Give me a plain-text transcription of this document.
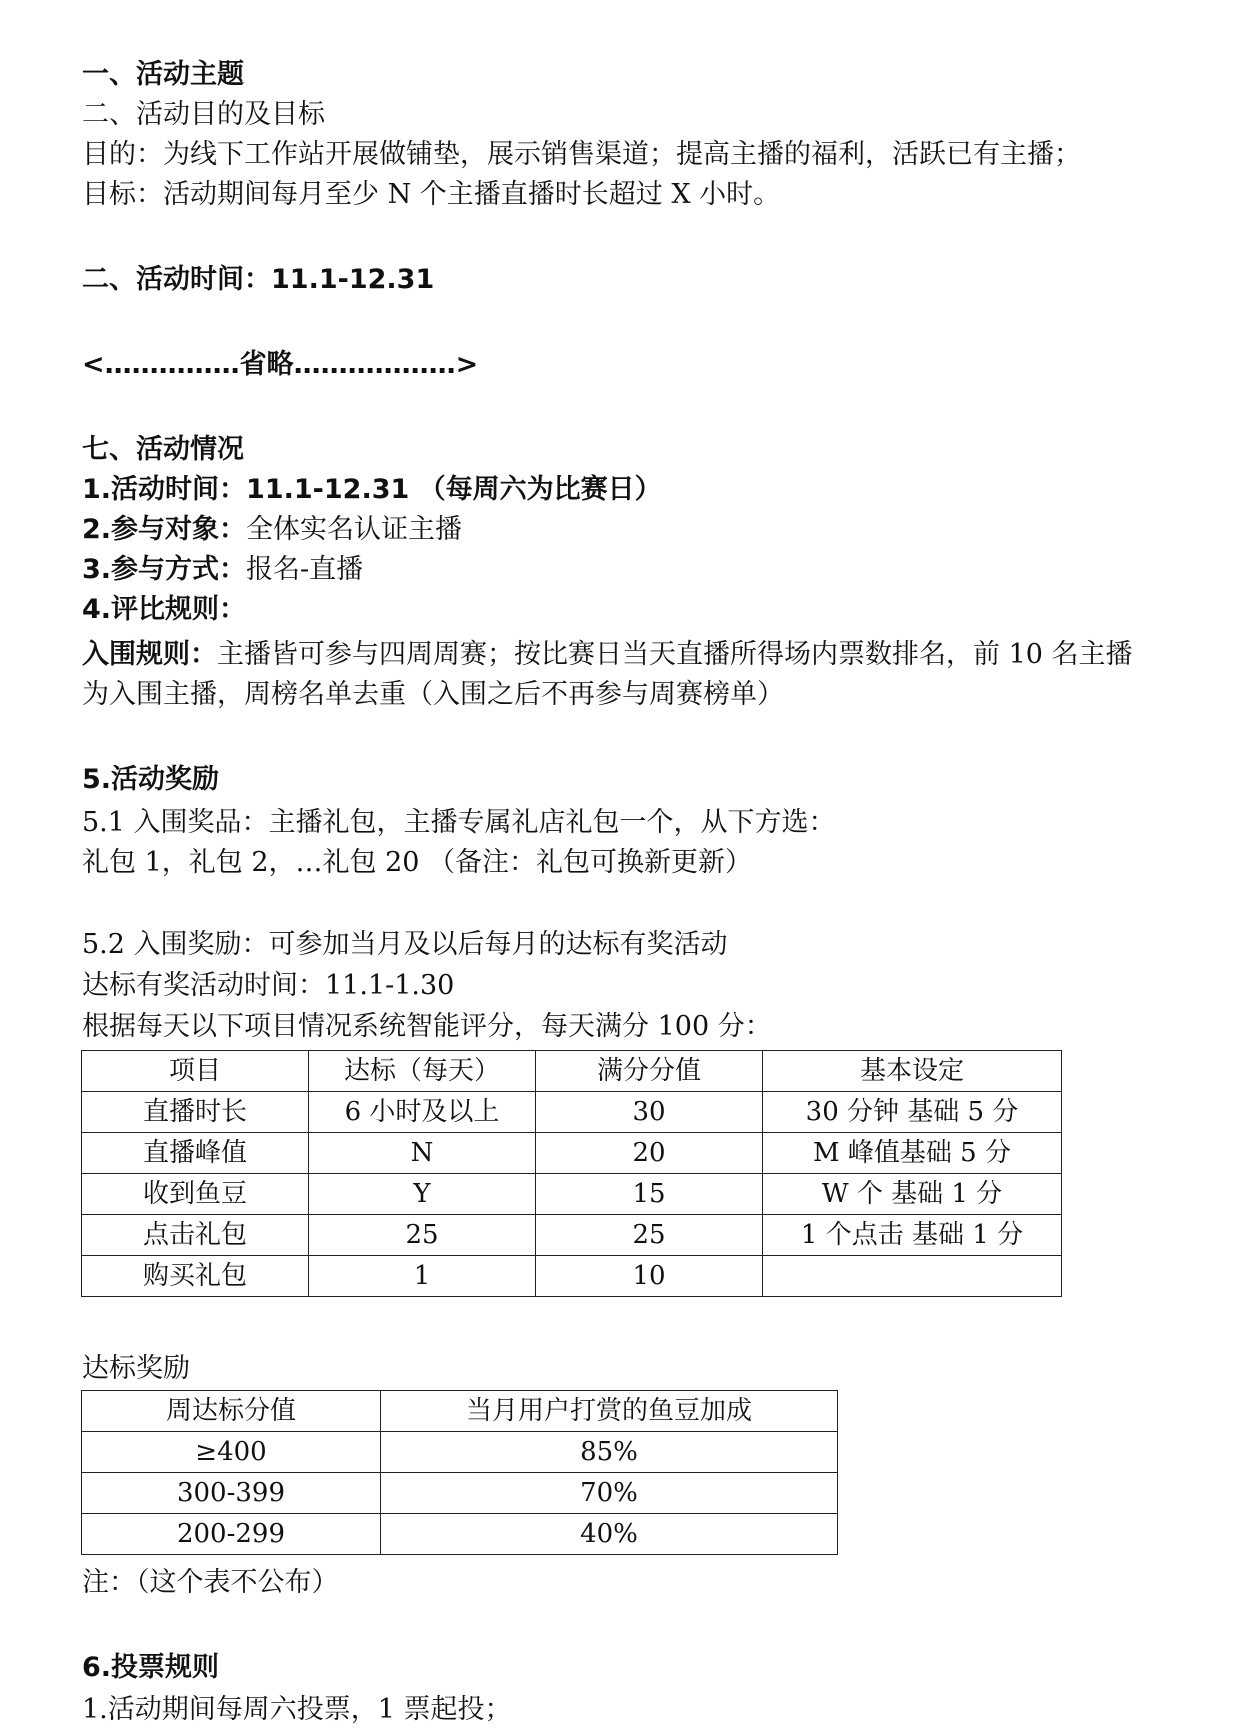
一、活动主题
二、活动目的及目标
目的：为线下工作站开展做铺垫，展示销售渠道；提高主播的福利，活跃已有主播；
目标：活动期间每月至少 N 个主播直播时长超过 X 小时。
二、活动时间：11.1-12.31
<……………省略………………>
七、活动情况
1.活动时间：11.1-12.31 （每周六为比赛日）
2.参与对象：全体实名认证主播
3.参与方式：报名-直播
4.评比规则：
入围规则：主播皆可参与四周周赛；按比赛日当天直播所得场内票数排名，前 10 名主播
为入围主播，周榜名单去重（入围之后不再参与周赛榜单）
5.活动奖励
5.1 入围奖品：主播礼包，主播专属礼店礼包一个，从下方选：
礼包 1，礼包 2，…礼包 20 （备注：礼包可换新更新）
5.2 入围奖励：可参加当月及以后每月的达标有奖活动
达标有奖活动时间：11.1-1.30
根据每天以下项目情况系统智能评分，每天满分 100 分：
项目	达标（每天）	满分分值	基本设定
直播时长	6 小时及以上	30	30 分钟 基础 5 分
直播峰值	N	20	M 峰值基础 5 分
收到鱼豆	Y	15	W 个 基础 1 分
点击礼包	25	25	1 个点击 基础 1 分
购买礼包	1	10	
达标奖励
周达标分值	当月用户打赏的鱼豆加成
≥400	85%
300-399	70%
200-299	40%
注：（这个表不公布）
6.投票规则
1.活动期间每周六投票，1 票起投；
